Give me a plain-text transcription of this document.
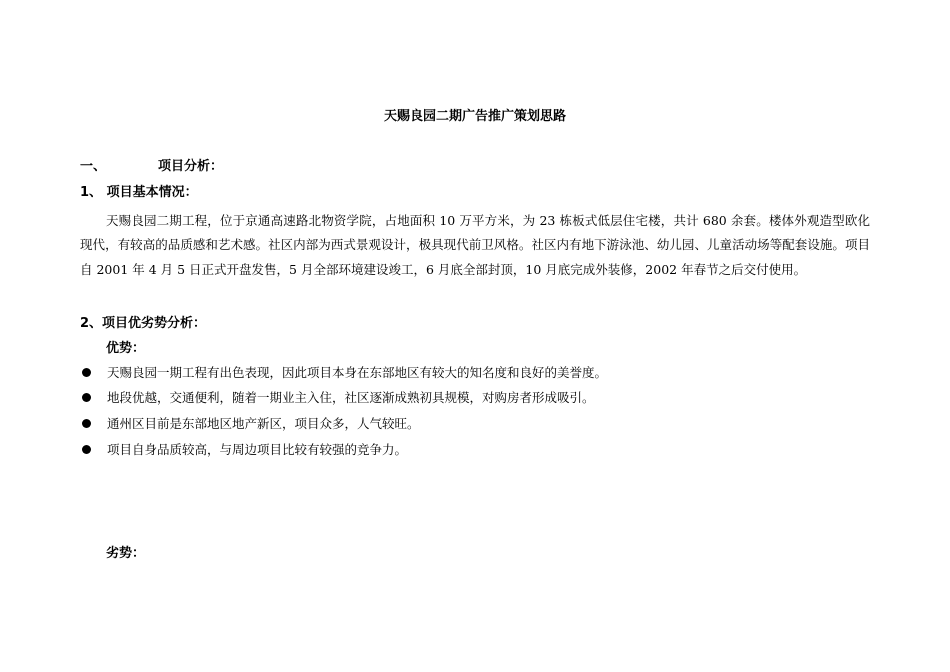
天赐良园二期广告推广策划思路
一、	项目分析：
1、 项目基本情况：
天赐良园二期工程，位于京通高速路北物资学院，占地面积 10 万平方米，为 23 栋板式低层住宅楼，共计 680 余套。楼体外观造型欧化现代，有较高的品质感和艺术感。社区内部为西式景观设计，极具现代前卫风格。社区内有地下游泳池、幼儿园、儿童活动场等配套设施。项目自 2001 年 4 月 5 日正式开盘发售，5 月全部环境建设竣工，6 月底全部封顶，10 月底完成外装修，2002 年春节之后交付使用。
2、项目优劣势分析：
优势：
天赐良园一期工程有出色表现，因此项目本身在东部地区有较大的知名度和良好的美誉度。
地段优越，交通便利，随着一期业主入住，社区逐渐成熟初具规模，对购房者形成吸引。
通州区目前是东部地区地产新区，项目众多，人气较旺。
项目自身品质较高，与周边项目比较有较强的竞争力。
劣势：
